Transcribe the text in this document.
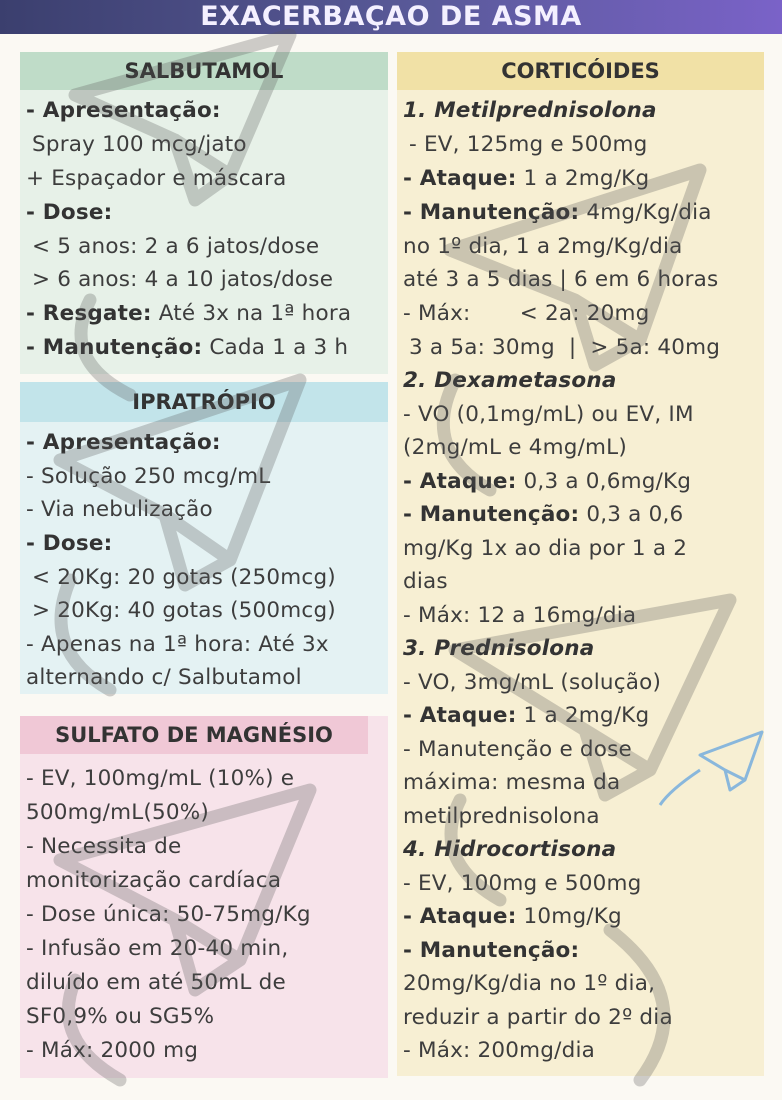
EXACERBAÇAO DE ASMA
SALBUTAMOL
- Apresentação:
Spray 100 mcg/jato
+ Espaçador e máscara
- Dose:
< 5 anos: 2 a 6 jatos/dose
> 6 anos: 4 a 10 jatos/dose
- Resgate: Até 3x na 1ª hora
- Manutenção: Cada 1 a 3 h
IPRATRÓPIO
- Apresentação:
- Solução 250 mcg/mL
- Via nebulização
- Dose:
< 20Kg: 20 gotas (250mcg)
> 20Kg: 40 gotas (500mcg)
- Apenas na 1ª hora: Até 3x
alternando c/ Salbutamol
SULFATO DE MAGNÉSIO
- EV, 100mg/mL (10%) e
500mg/mL(50%)
- Necessita de
monitorização cardíaca
- Dose única: 50-75mg/Kg
- Infusão em 20-40 min,
diluído em até 50mL de
SF0,9% ou SG5%
- Máx: 2000 mg
CORTICÓIDES
1. Metilprednisolona
- EV, 125mg e 500mg
- Ataque: 1 a 2mg/Kg
- Manutenção: 4mg/Kg/dia
no 1º dia, 1 a 2mg/Kg/dia
até 3 a 5 dias | 6 em 6 horas
- Máx:       < 2a: 20mg
3 a 5a: 30mg  |  > 5a: 40mg
2. Dexametasona
- VO (0,1mg/mL) ou EV, IM
(2mg/mL e 4mg/mL)
- Ataque: 0,3 a 0,6mg/Kg
- Manutenção: 0,3 a 0,6
mg/Kg 1x ao dia por 1 a 2
dias
- Máx: 12 a 16mg/dia
3. Prednisolona
- VO, 3mg/mL (solução)
- Ataque: 1 a 2mg/Kg
- Manutenção e dose
máxima: mesma da
metilprednisolona
4. Hidrocortisona
- EV, 100mg e 500mg
- Ataque: 10mg/Kg
- Manutenção:
20mg/Kg/dia no 1º dia,
reduzir a partir do 2º dia
- Máx: 200mg/dia
